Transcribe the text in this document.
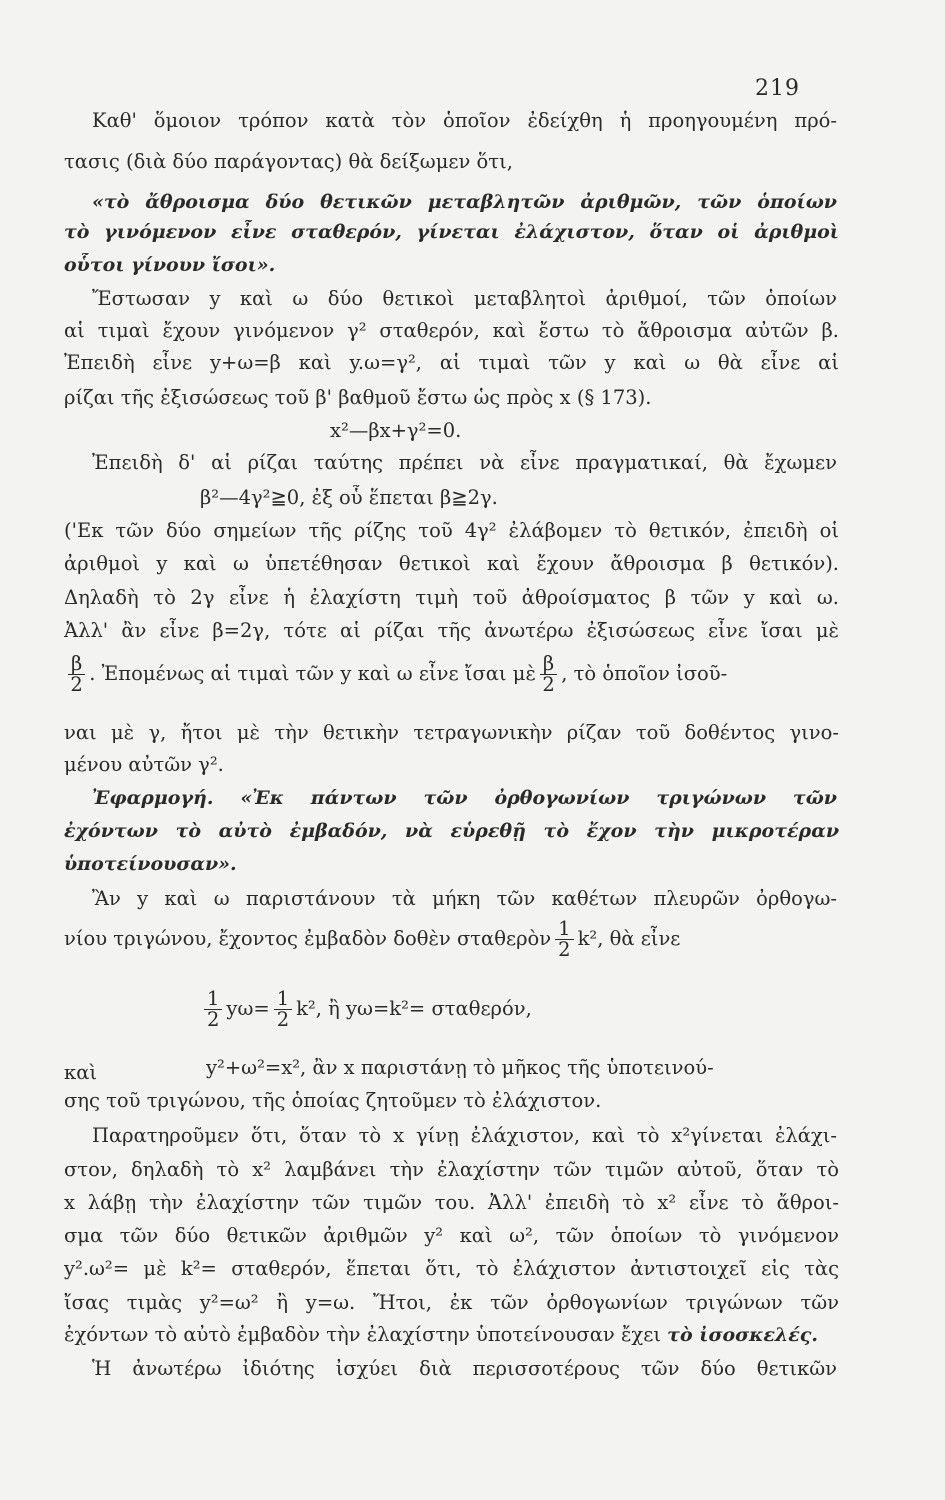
219
Καθ' ὅμοιον τρόπον κατὰ τὸν ὁποῖον ἐδείχθη ἡ προηγουμένη πρό-
τασις (διὰ δύο παράγοντας) θὰ δείξωμεν ὅτι,
«τὸ ἄθροισμα δύο θετικῶν μεταβλητῶν ἀριθμῶν, τῶν ὁποίων
τὸ γινόμενον εἶνε σταθερόν, γίνεται ἐλάχιστον, ὅταν οἱ ἀριθμοὶ
οὗτοι γίνουν ἴσοι».
Ἔστωσαν y καὶ ω δύο θετικοὶ μεταβλητοὶ ἀριθμοί, τῶν ὁποίων
αἱ τιμαὶ ἔχουν γινόμενον γ² σταθερόν, καὶ ἔστω τὸ ἄθροισμα αὐτῶν β.
Ἐπειδὴ εἶνε y+ω=β καὶ y.ω=γ², αἱ τιμαὶ τῶν y καὶ ω θὰ εἶνε αἱ
ρίζαι τῆς ἐξισώσεως τοῦ β' βαθμοῦ ἔστω ὡς πρὸς x (§ 173).
x²—βx+γ²=0.
Ἐπειδὴ δ' αἱ ρίζαι ταύτης πρέπει νὰ εἶνε πραγματικαί, θὰ ἔχωμεν
β²—4γ²≧0, ἐξ οὗ ἕπεται β≧2γ.
('Εκ τῶν δύο σημείων τῆς ρίζης τοῦ 4γ² ἐλάβομεν τὸ θετικόν, ἐπειδὴ οἱ
ἀριθμοὶ y καὶ ω ὑπετέθησαν θετικοὶ καὶ ἔχουν ἄθροισμα β θετικόν).
Δηλαδὴ τὸ 2γ εἶνε ἡ ἐλαχίστη τιμὴ τοῦ ἀθροίσματος β τῶν y καὶ ω.
Ἀλλ' ἂν εἶνε β=2γ, τότε αἱ ρίζαι τῆς ἀνωτέρω ἐξισώσεως εἶνε ἴσαι μὲ
$\frac{\beta}{2}$ . Ἐπομένως αἱ τιμαὶ τῶν y καὶ ω εἶνε ἴσαι μὲ $\frac{\beta}{2}$ , τὸ ὁποῖον ἰσοῦ-
ναι μὲ γ, ἤτοι μὲ τὴν θετικὴν τετραγωνικὴν ρίζαν τοῦ δοθέντος γινο-
μένου αὐτῶν γ².
Ἐφαρμογή. «Ἐκ πάντων τῶν ὀρθογωνίων τριγώνων τῶν
ἐχόντων τὸ αὐτὸ ἐμβαδόν, νὰ εὑρεθῇ τὸ ἔχον τὴν μικροτέραν
ὑποτείνουσαν».
Ἂν y καὶ ω παριστάνουν τὰ μήκη τῶν καθέτων πλευρῶν ὀρθογω-
νίου τριγώνου, ἔχοντος ἐμβαδὸν δοθὲν σταθερὸν $\frac{1}{2} k^2$, θὰ εἶνε
$\frac{1}{2} y\omega= \frac{1}{2} k^2$, ἢ yω=k²= σταθερόν,
καὶ	y²+ω²=x², ἂν x παριστάνῃ τὸ μῆκος τῆς ὑποτεινού-
σης τοῦ τριγώνου, τῆς ὁποίας ζητοῦμεν τὸ ἐλάχιστον.
Παρατηροῦμεν ὅτι, ὅταν τὸ x γίνῃ ἐλάχιστον, καὶ τὸ x²γίνεται ἐλάχι-
στον, δηλαδὴ τὸ x² λαμβάνει τὴν ἐλαχίστην τῶν τιμῶν αὐτοῦ, ὅταν τὸ
x λάβῃ τὴν ἐλαχίστην τῶν τιμῶν του. Ἀλλ' ἐπειδὴ τὸ x² εἶνε τὸ ἄθροι-
σμα τῶν δύο θετικῶν ἀριθμῶν y² καὶ ω², τῶν ὁποίων τὸ γινόμενον
y².ω²= μὲ k²= σταθερόν, ἕπεται ὅτι, τὸ ἐλάχιστον ἀντιστοιχεῖ εἰς τὰς
ἴσας τιμὰς y²=ω² ἢ y=ω. Ἤτοι, ἐκ τῶν ὀρθογωνίων τριγώνων τῶν
ἐχόντων τὸ αὐτὸ ἐμβαδὸν τὴν ἐλαχίστην ὑποτείνουσαν ἔχει τὸ ἰσοσκελές.
Ἡ ἀνωτέρω ἰδιότης ἰσχύει διὰ περισσοτέρους τῶν δύο θετικῶν
